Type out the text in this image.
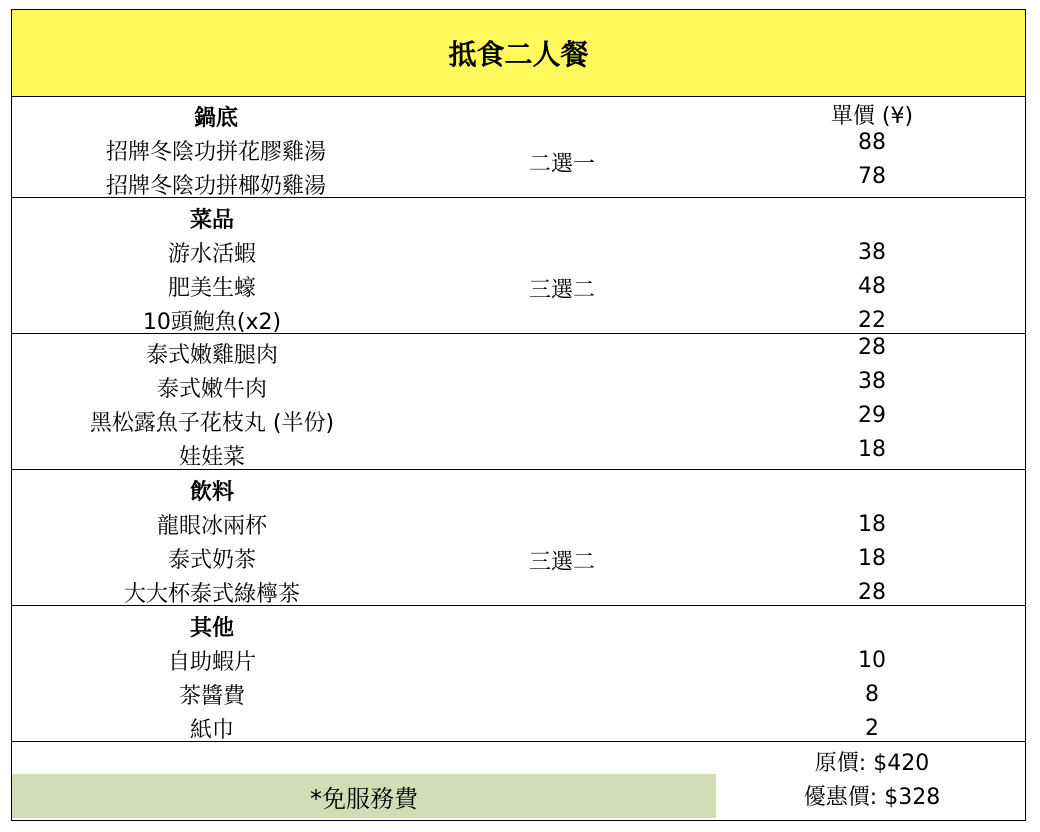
抵食二人餐
鍋底
招牌冬陰功拼花膠雞湯
招牌冬陰功拼椰奶雞湯
二選一
單價 (¥)
88
78
菜品
游水活蝦
肥美生蠔
10頭鮑魚(x2)
三選二
38
48
22
泰式嫩雞腿肉
泰式嫩牛肉
黑松露魚子花枝丸 (半份)
娃娃菜
28
38
29
18
飲料
龍眼冰兩杯
泰式奶茶
大大杯泰式綠檸茶
三選二
18
18
28
其他
自助蝦片
茶醬費
紙巾
10
8
2
原價: $420
優惠價: $328
*免服務費
